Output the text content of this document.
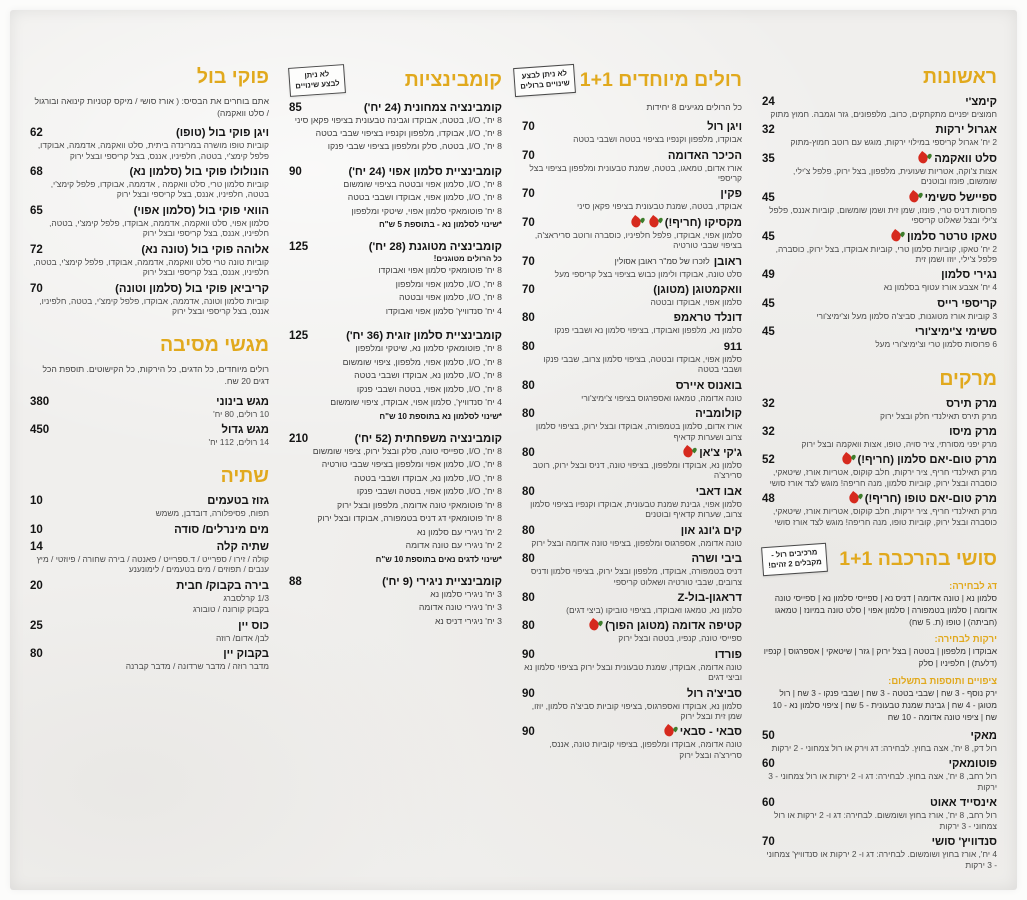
ראשונות
קימצ'י
24

חמוצים יפניים מתקתקים, כרוב, מלפפונים, גזר וגמבה. חמוץ מתוק

אגרול ירקות
32

2 יח' אגרול קריספי במילוי ירקות, מוגש עם רוטב חמוץ-מתוק

סלט וואקמה
35

אצות צ'וקה, אטריות שעועית, מלפפון, בצל ירוק, פלפל צ'ילי, שומשום, פונזו ובוטנים

ספיישל סשימי
45

פרוסות דניס טרי, פונזו, שמן זית ושמן שומשום, קוביות אננס, פלפל צ'ילי ובצל שאלוט קריספי

טאקו טרטר סלמון
45

2 יח' טאקו, קוביות סלמון טרי, קוביות אבוקדו, בצל ירוק, כוסברה, פלפל צ'ילי, יוזו ושמן זית

נגירי סלמון
49

4 יח' אצבע אורז עטוף בסלמון נא

קריספי רייס
45

3 קוביות אורז מטוגנות, סביצ'ה סלמון מעל וצ'ימיצ'ורי

סשימי צ'ימיצ'ורי
45

6 פרוסות סלמון טרי וצ'ימיצ'ורי מעל

מרקים
מרק תירס
32

מרק תירס תאילנדי חלק ובצל ירוק

מרק מיסו
32

מרק יפני מסורתי, ציר סויה, טופו, אצות וואקמה ובצל ירוק

מרק טום-יאם סלמון (חריף!)
52

מרק תאילנדי חריף, ציר ירקות, חלב קוקוס, אטריות אורז, שיטאקי, כוסברה ובצל ירוק, קוביות סלמון, מנה חריפה! מוגש לצד אורז סושי

מרק טום-יאם טופו (חריף!)
48

מרק תאילנדי חריף, ציר ירקות, חלב קוקוס, אטריות אורז, שיטאקי, כוסברה ובצל ירוק, קוביות טופו, מנה חריפה! מוגש לצד אורז סושי

סושי בהרכבה 1+1
מרכיבים רול -
מקבלים 2 זהים!
דג לבחירה:
סלמון נא | טונה אדומה | דניס נא | ספייסי סלמון נא | ספייסי טונה אדומה | סלמון בטמפורה | סלמון אפוי | סלט טונה במיונז | טמאגו (חביתה) | טופו (ת. 5 שח)
ירקות לבחירה:
אבוקדו | מלפפון | בטטה | בצל ירוק | גזר | שיטאקי | אספרגוס | קנפיו (דלעת) | חלפיניו | סלק
ציפויים ותוספות בתשלום:
ירק נוסף - 3 שח | שבבי בטטה - 3 שח | שבבי פנקו - 3 שח | רול מטוגן - 4 שח | גבינת שמנת טבעונית - 5 שח | ציפוי סלמון נא - 10 שח | ציפוי טונה אדומה - 10 שח
מאקי
50

רול דק, 8 יח', אצה בחוץ. לבחירה: דג וירק או רול צמחוני - 2 ירקות

פוטומאקי
60

רול רחב, 8 יח', אצה בחוץ. לבחירה: דג ו- 2 ירקות או רול צמחוני - 3 ירקות

אינסייד אאוט
60

רול רחב, 8 יח', אורז בחוץ ושומשום. לבחירה: דג ו- 2 ירקות או רול צמחוני - 3 ירקות

סנדוויץ' סושי
70

4 יח', אורז בחוץ ושומשום. לבחירה: דג ו- 2 ירקות או סנדוויץ' צמחוני - 3 ירקות

רולים מיוחדים 1+1
לא ניתן לבצע
שינויים ברולים

כל הרולים מגיעים 8 יחידות

ויגן רול
70

אבוקדו, מלפפון וקנפיו בציפוי בטטה ושבבי בטטה

הכיכר האדומה
70

אורז אדום, טמאגו, בטטה, שמנת טבעונית ומלפפון בציפוי בצל קריספי

פקין
70

אבוקדו, בטטה, שמנת טבעונית בציפוי פקאן סיני

מקסיקו (חריף!)
70

סלמון אפוי, אבוקדו, פלפל חלפיניו, כוסברה ורוטב סריראצ'ה, בציפוי שבבי טורטיה

ראובן
לזכרו של סמ"ר ראובן אסולין
70

סלט טונה, אבוקדו ולימון כבוש בציפוי בצל קריספי מעל

וואקמטוגן (מטוגן)
70

סלמון אפוי, אבוקדו ובטטה

דונלד טראמפ
80

סלמון נא, מלפפון ואבוקדו, בציפוי סלמון נא ושבבי פנקו

911
80

סלמון אפוי, אבוקדו ובטטה, בציפוי סלמון צרוב, שבבי פנקו ושבבי בטטה

בואנוס איירס
80

טונה אדומה, טמאגו ואספרגוס בציפוי צ'ימיצ'ורי

קולומביה
80

אורז אדום, סלמון בטמפורה, אבוקדו ובצל ירוק, בציפוי סלמון צרוב ושערות קדאיף

ג'קי צ'אן
80

סלמון נא, אבוקדו ומלפפון, בציפוי טונה, דניס ובצל ירוק, רוטב סרירצ'ה

אבו דאבי
80

סלמון אפוי, גבינת שמנת טבעונית, אבוקדו וקנפיו בציפוי סלמון צרוב, שערות קדאיף ובוטנים

קים ג'ונג און
80

טונה אדומה, אספרגוס ומלפפון, בציפוי טונה אדומה ובצל ירוק

ביבי ושרה
80

דניס בטמפורה, אבוקדו, מלפפון ובצל ירוק, בציפוי סלמון ודניס צרובים, שבבי טורטיה ושאלוט קריספי

דראגון-בול-Z
80

סלמון נא, טמאגו ואבוקדו, בציפוי טוביקו (ביצי דגים)

קטיפה אדומה (מטוגן הפוך)
80

ספייסי טונה, קנפיו, בטטה ובצל ירוק

פורדו
90

טונה אדומה, אבוקדו, שמנת טבעונית ובצל ירוק בציפוי סלמון נא וביצי דגים

סביצ'ה רול
90

סלמון נא, אבוקדו ואספרגוס, בציפוי קוביות סביצ'ה סלמון, יוזו, שמן זית ובצל ירוק

סבאי - סבאי
90

טונה אדומה, אבוקדו ומלפפון, בציפוי קוביות טונה, אננס, סרירצ'ה ובצל ירוק

קומבינציות
לא ניתן
לבצע שינויים
קומבינציה צמחונית (24 יח')
85
8 יח', I/O, בטטה, אבוקדו וגבינה טבעונית בציפוי פקאן סיני
8 יח', I/O, אבוקדו, מלפפון וקנפיו בציפוי שבבי בטטה
8 יח', I/O, בטטה, סלק ומלפפון בציפוי שבבי פנקו
קומבינציית סלמון אפוי (24 יח')
90
8 יח', I/O, סלמון אפוי ובטטה בציפוי שומשום
8 יח', I/O, סלמון אפוי, אבוקדו ושבבי בטטה
8 יח' פוטומאקי סלמון אפוי, שיטקי ומלפפון
*שינוי לסלמון נא - בתוספת 5 ש"ח
קומבינציה מטוגנת (28 יח')
125
כל הרולים מטוגנים!
8 יח' פוטומאקי סלמון אפוי ואבוקדו
8 יח', I/O, סלמון אפוי ומלפפון
8 יח', I/O, סלמון אפוי ובטטה
4 יח' סנדוויץ' סלמון אפוי ואבוקדו
קומבינציית סלמון זוגית (36 יח')
125
8 יח', פוטומאקי סלמון נא, שיטקי ומלפפון
8 יח', I/O, סלמון אפוי, מלפפון, ציפוי שומשום
8 יח', I/O, סלמון נא, אבוקדו ושבבי בטטה
8 יח', I/O, סלמון אפוי, בטטה ושבבי פנקו
4 יח' סנדוויץ', סלמון אפוי, אבוקדו, ציפוי שומשום
*שינוי לסלמון נא בתוספת 10 ש"ח
קומבינציה משפחתית (52 יח')
210
8 יח', I/O, ספייסי טונה, סלק ובצל ירוק, ציפוי שומשום
8 יח', I/O, סלמון אפוי ומלפפון בציפוי שבבי טורטיה
8 יח', I/O, סלמון נא, אבוקדו ושבבי בטטה
8 יח', I/O, סלמון אפוי, בטטה ושבבי פנקו
8 יח' פוטומאקי טונה אדומה, מלפפון ובצל ירוק
8 יח' פוטומאקי דג דניס בטמפורה, אבוקדו ובצל ירוק
2 יח' ניגירי עם סלמון נא
2 יח' ניגירי עם טונה אדומה
*שינוי לדגים נאים בתוספת 10 ש"ח
קומבינציית ניגירי (9 יח')
88
3 יח' ניגירי סלמון נא
3 יח' ניגירי טונה אדומה
3 יח' ניגירי דניס נא
פוקי בול

אתם בוחרים את הבסיס: ( אורז סושי / מיקס קטניות קינואה ובורגול / סלט וואקמה)

ויגן פוקי בול (טופו)
62

קוביות טופו מושרה במרינדה ביתית, סלט וואקמה, אדממה, אבוקדו, פלפל קימצ'י, בטטה, חלפיניו, אננס, בצל קריספי ובצל ירוק

הונולולו פוקי בול (סלמון נא)
68

קוביות סלמון טרי, סלט וואקמה , אדממה, אבוקדו, פלפל קימצ'י, בטטה, חלפיניו, אננס, בצל קריספי ובצל ירוק

הוואי פוקי בול (סלמון אפוי)
65

סלמון אפוי, סלט וואקמה, אדממה, אבוקדו, פלפל קימצ'י, בטטה, חלפיניו, אננס, בצל קריספי ובצל ירוק

אלוהה פוקי בול (טונה נא)
72

קוביות טונה טרי סלט וואקמה, אדממה, אבוקדו, פלפל קימצ'י, בטטה, חלפיניו, אננס, בצל קריספי ובצל ירוק

קריביאן פוקי בול (סלמון וטונה)
70

קוביות סלמון וטונה, אדממה, אבוקדו, פלפל קימצ'י, בטטה, חלפיניו, אננס, בצל קריספי ובצל ירוק

מגשי מסיבה

רולים מיוחדים, כל הדגים, כל הירקות, כל הקישוטים. תוספת הכל דגים 20 שח.

מגש בינוני
380

10 רולים, 80 יח'

מגש גדול
450

14 רולים, 112 יח'

שתיה
גזוז בטעמים
10

תפוח, פסיפלורה, דובדבן, משמש

מים מינרלים/ סודה
10
שתיה קלה
14

קולה / זירו / ספרייט / ד.ספרייט / פאנטה / בירה שחורה / פיוזטי / מיץ ענבים / תפוזים / מים בטעמים / לימונענע

בירה בקבוק/ חבית
20

1/3 קרלסברג

בקבוק קורונה / טובורג

כוס יין
25

לבן/ אדום/ רוזה

בקבוק יין
80

מדבר רוזה / מדבר שרדונה / מדבר קברנה
